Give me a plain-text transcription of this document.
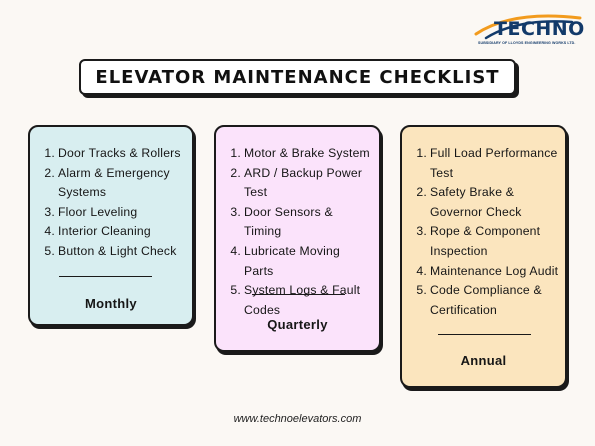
TECHNO
SUBSIDIARY OF LLOYDS ENGINEERING WORKS LTD.
ELEVATOR MAINTENANCE CHECKLIST
1. Door Tracks & Rollers
2. Alarm & Emergency Systems
3. Floor Leveling
4. Interior Cleaning
5. Button & Light Check
Monthly
1. Motor & Brake System
2. ARD / Backup Power Test
3. Door Sensors & Timing
4. Lubricate Moving Parts
5. System Logs & Fault Codes
Quarterly
1. Full Load Performance Test
2. Safety Brake & Governor Check
3. Rope & Component Inspection
4. Maintenance Log Audit
5. Code Compliance & Certification
Annual
www.technoelevators.com
